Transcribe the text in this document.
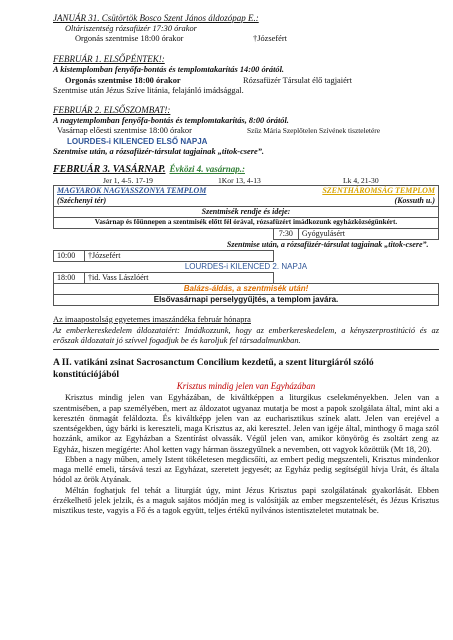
JANUÁR 31. Csütörtök Bosco Szent János áldozópap E.:
Oltáriszentség rózsafüzér 17:30 órakor
Orgonás szentmise 18:00 órakor	†Józsefért
FEBRUÁR 1. ELSŐPÉNTEK!:
A kistemplomban fenyőfa-bontás és templomtakarítás 14:00 órától.
Orgonás szentmise 18:00 órakor	Rózsafüzér Társulat élő tagjaiért
Szentmise után Jézus Szíve litánia, felajánló imádsággal.
FEBRUÁR 2. ELSŐSZOMBAT!:
A nagytemplomban fenyőfa-bontás és templomtakarítás, 8:00 órától.
Vasárnap előesti szentmise 18:00 órakor	Szűz Mária Szeplőtelen Szívének tiszteletére
LOURDES-i KILENCED ELSŐ NAPJA
Szentmise után, a rózsafüzér-társulat tagjainak „titok-csere”.
FEBRUÁR 3. VASÁRNAP. Évközi 4. vasárnap.:
Jer 1, 4-5. 17-19	1Kor 13, 4-13	Lk 4, 21-30
MAGYAROK NAGYASSZONYA TEMPLOM SZENTHÁROMSÁG TEMPLOM
(Széchenyi tér) (Kossuth u.)			

Szentmisék rendje és ideje:			
Vasárnap és főünnepen a szentmisék előtt fél órával, rózsafüzért imádkozunk egyházközségünkért.			
		7:30	Gyógyulásért
Szentmise után, a rózsafüzér-társulat tagjainak „titok-csere”.			
10:00	†Józsefért		
LOURDES-i KILENCED 2. NAPJA			
18:00	†id. Vass Lászlóért		
Balázs-áldás, a szentmisék után!			
Elsővasárnapi perselygyűjtés, a templom javára.			
Az imaapostolság egyetemes imaszándéka február hónapra
Az emberkereskedelem áldozataiért: Imádkozzunk, hogy az emberkereskedelem, a kényszerprostitúció és az erőszak áldozatait jó szívvel fogadjuk be és karoljuk fel társadalmunkban.
A II. vatikáni zsinat Sacrosanctum Concilium kezdetű, a szent liturgiáról szóló konstitúciójából
Krisztus mindig jelen van Egyházában
Krisztus mindig jelen van Egyházában, de kiváltképpen a liturgikus cselekményekben. Jelen van a szentmisében, a pap személyében, mert az áldozatot ugyanaz mutatja be most a papok szolgálata által, mint aki a keresztén önmagát feláldozta. És kiváltképp jelen van az eucharisztikus színek alatt. Jelen van erejével a szentségekben, úgy bárki is kereszteli, maga Krisztus az, aki keresztel. Jelen van igéje által, minthogy ő maga szól hozzánk, amikor az Egyházban a Szentírást olvassák. Végül jelen van, amikor könyörög és zsoltárt zeng az Egyház, hiszen megígérte: Ahol ketten vagy hárman összegyűlnek a nevemben, ott vagyok közöttük (Mt 18, 20).
Ebben a nagy műben, amely Istent tökéletesen megdicsőíti, az embert pedig megszenteli, Krisztus mindenkor maga mellé emeli, társává teszi az Egyházat, szeretett jegyesét; az Egyház pedig segítségül hívja Urát, és általa hódol az örök Atyának.
Méltán foghatjuk fel tehát a liturgiát úgy, mint Jézus Krisztus papi szolgálatának gyakorlását. Ebben érzékelhető jelek jelzik, és a maguk sajátos módján meg is valósítják az ember megszentelését, és Jézus Krisztus misztikus teste, vagyis a Fő és a tagok együtt, teljes értékű nyilvános istentiszteletet mutatnak be.
